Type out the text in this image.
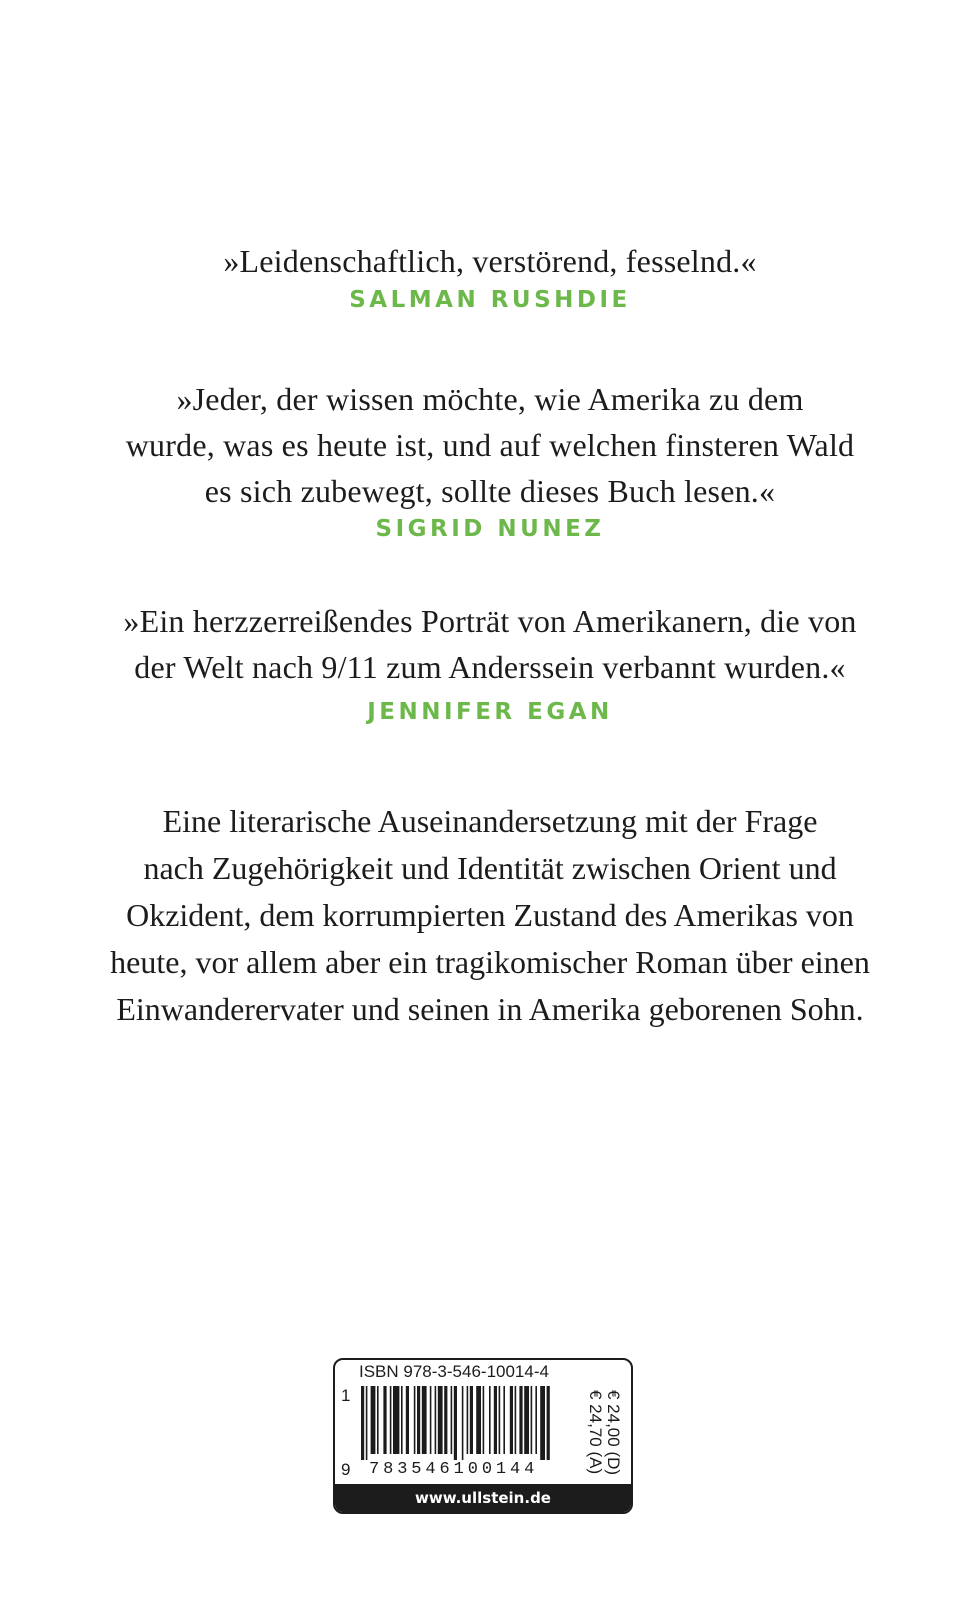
»Leidenschaftlich, verstörend, fesselnd.«
SALMAN RUSHDIE
»Jeder, der wissen möchte, wie Amerika zu dem
wurde, was es heute ist, und auf welchen finsteren Wald
es sich zubewegt, sollte dieses Buch lesen.«
SIGRID NUNEZ
»Ein herzzerreißendes Porträt von Amerikanern, die von
der Welt nach 9/11 zum Anderssein verbannt wurden.«
JENNIFER EGAN
Eine literarische Auseinandersetzung mit der Frage
nach Zugehörigkeit und Identität zwischen Orient und
Okzident, dem korrumpierten Zustand des Amerikas von
heute, vor allem aber ein tragikomischer Roman über einen
Einwanderervater und seinen in Amerika geborenen Sohn.
ISBN 978-3-546-10014-4
1
9 783546100144	€ 24,00 (D)
€ 24,70 (A)
www.ullstein.de
